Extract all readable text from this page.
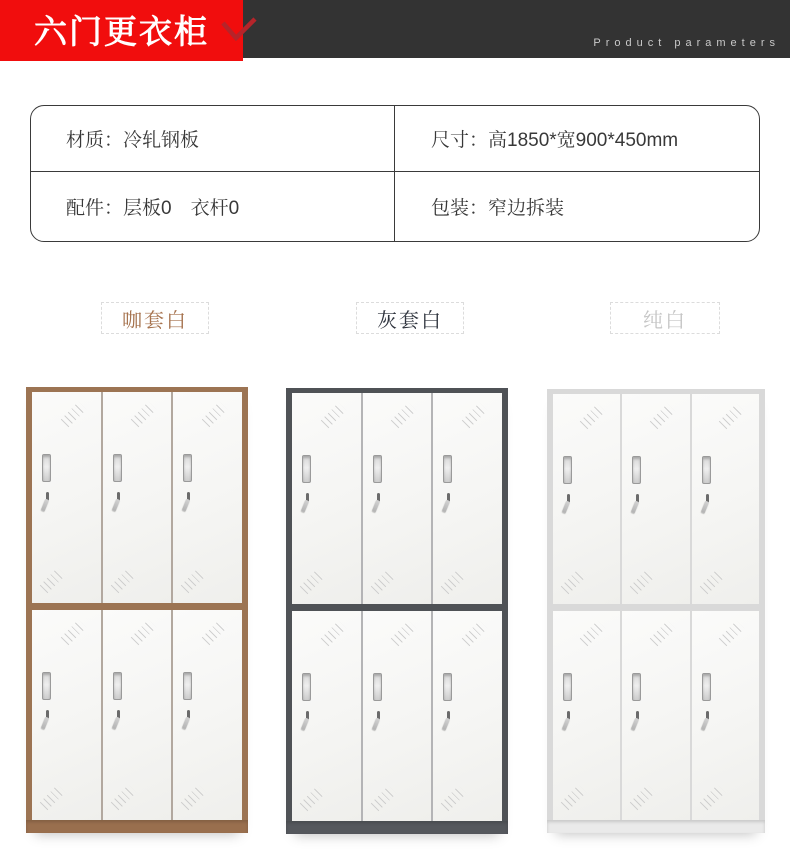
六门更衣柜	Product parameters
材质：冷轧钢板	尺寸：高1850*宽900*450mm
配件：层板0　衣杆0	包装：窄边拆装
咖套白	灰套白	纯白
